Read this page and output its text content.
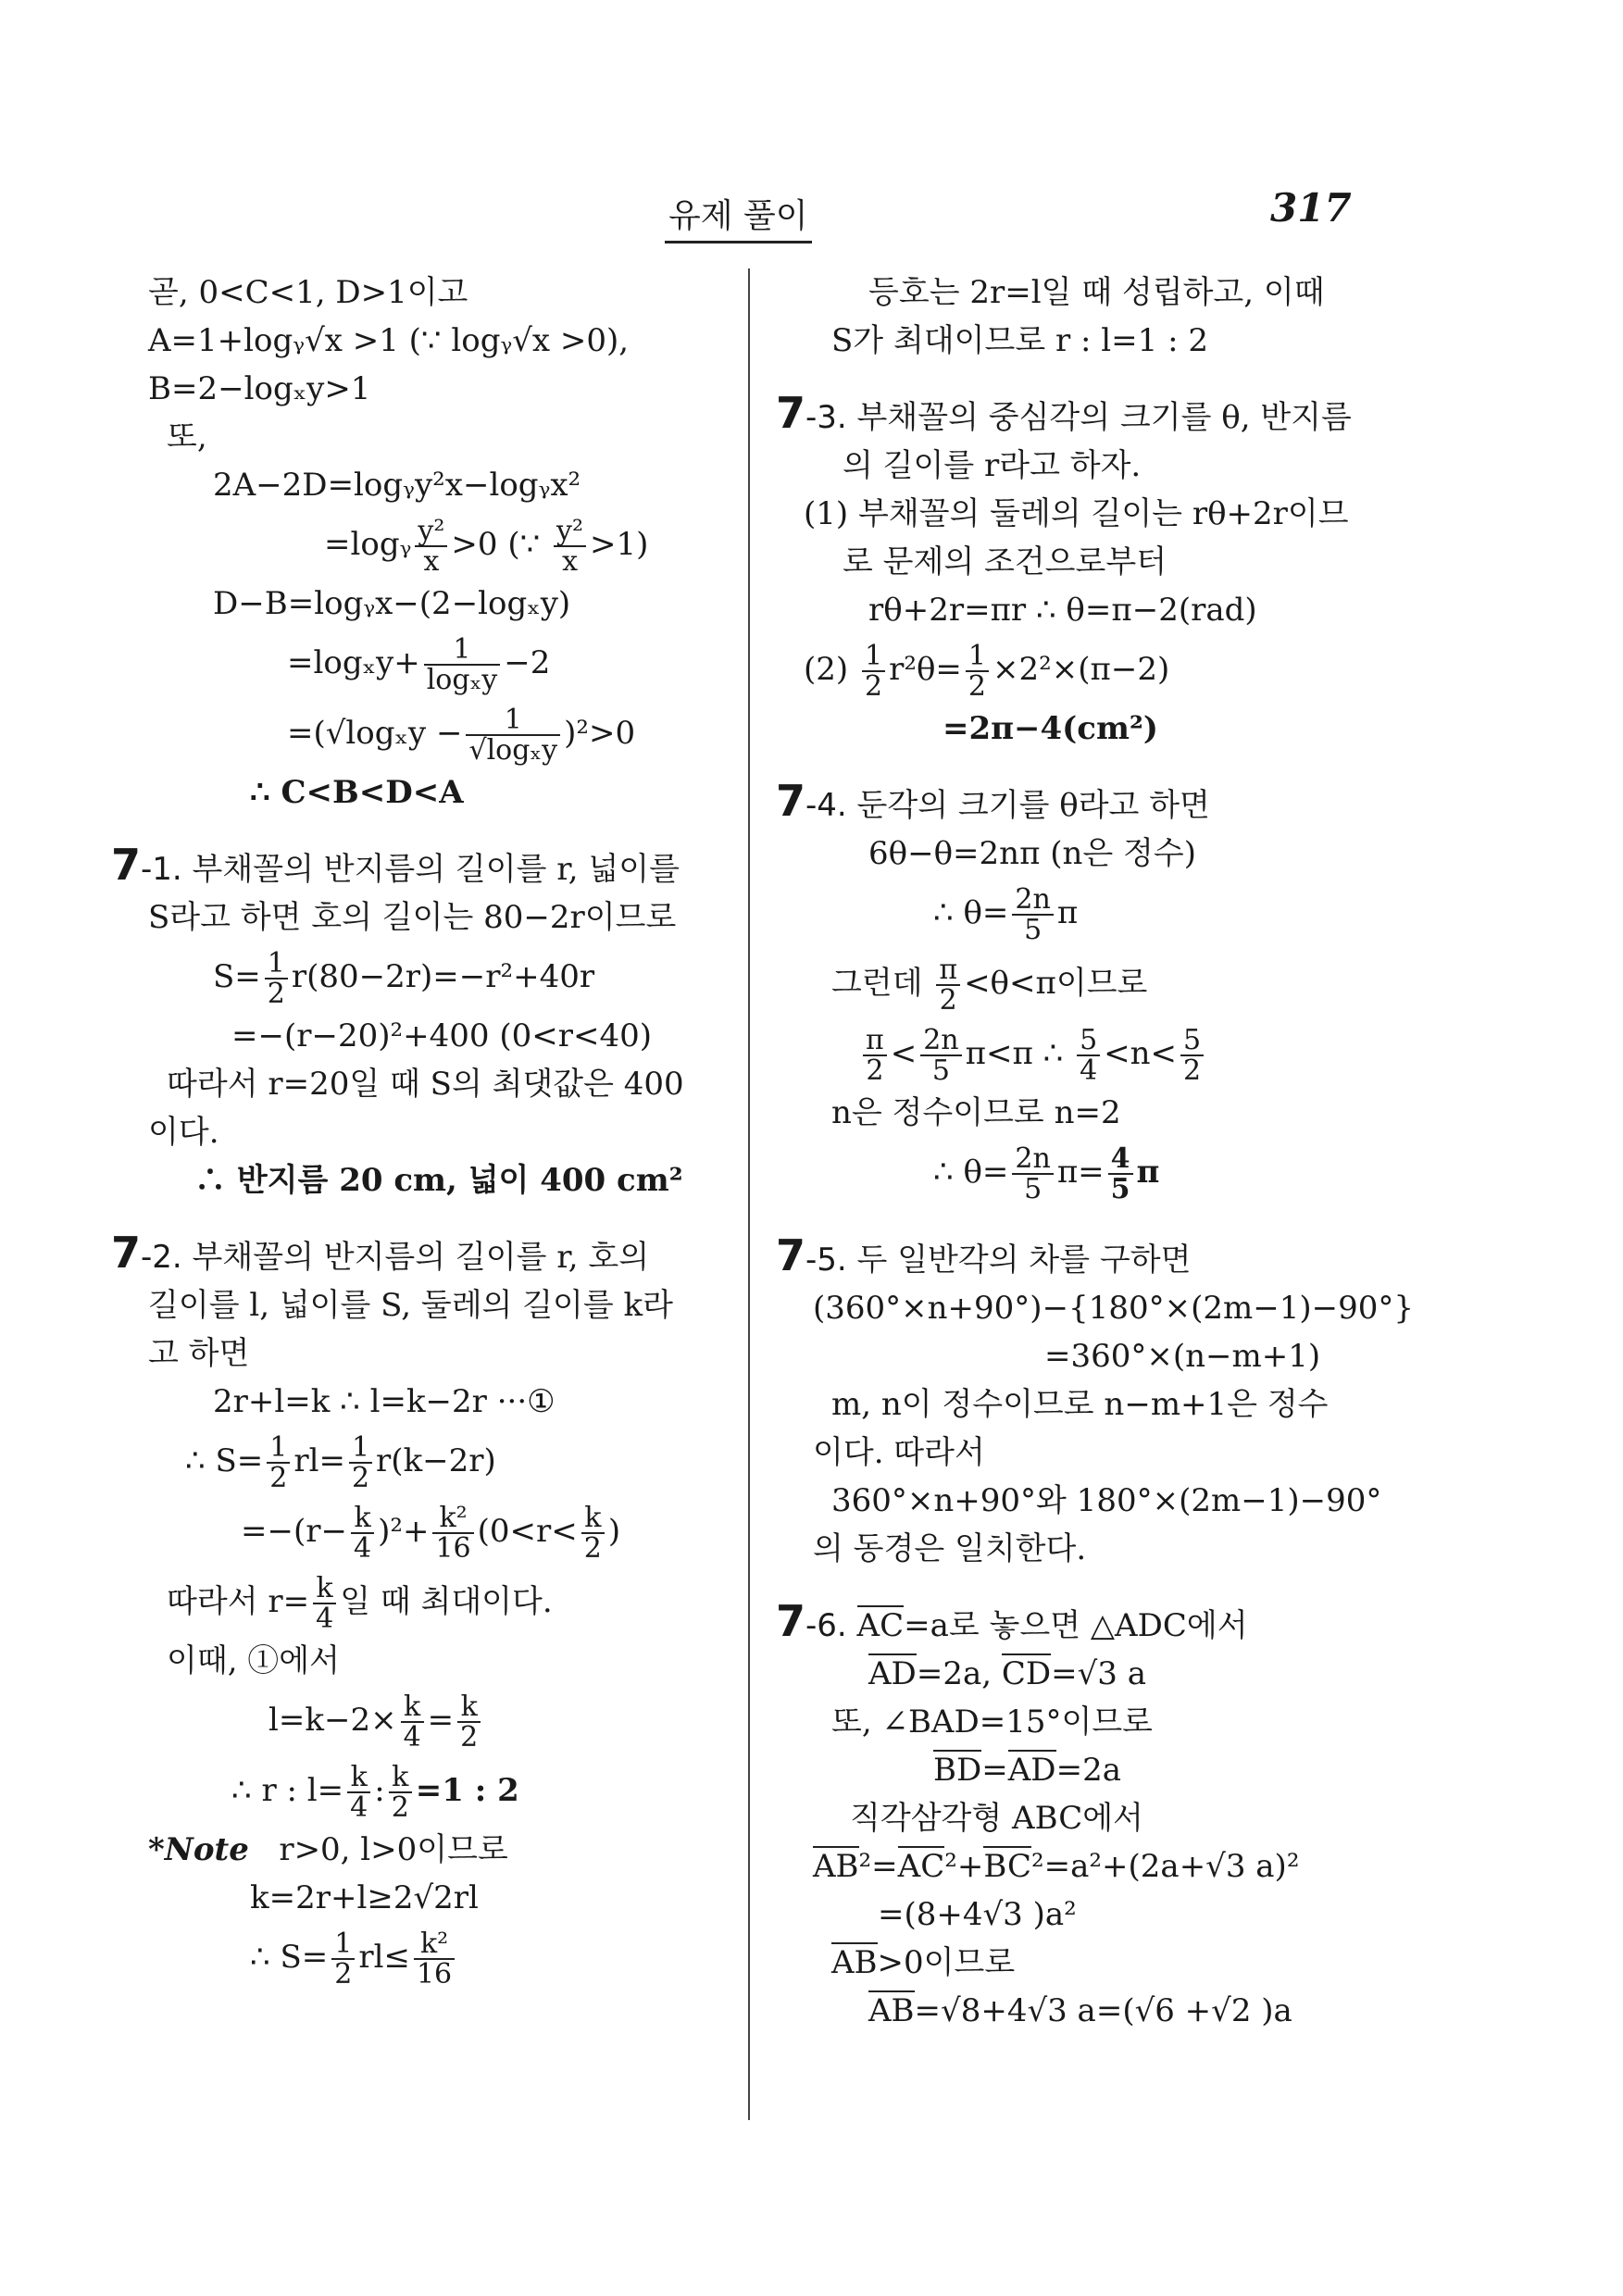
유제 풀이	317
곧, 0<C<1, D>1이고
A=1+logᵧ√x >1 (∵ logᵧ√x >0),
B=2−logₓy>1
또,
2A−2D=logᵧy²x−logᵧx²
=logᵧ $\frac{\text{y²}}{x} >0$ (∵ $\frac{\text{y²}}{x} >1$)
D−B=logᵧx−(2−logₓy)
$=\log_xy+ \frac{1}{\text{logₓy}} -2$
$=(√\log_xy - \frac{1}{\text{√logₓy}} )^2>0$
∴ C<B<D<A
7-1. 부채꼴의 반지름의 길이를 r, 넓이를
S라고 하면 호의 길이는 80−2r이므로
$S= \frac{1}{2} r(80-2r)=-r^2+40r$
=−(r−20)²+400 (0<r<40)
따라서 r=20일 때 S의 최댓값은 400
이다.
∴ 반지름 20 cm, 넓이 400 cm²
7-2. 부채꼴의 반지름의 길이를 r, 호의
길이를 l, 넓이를 S, 둘레의 길이를 k라
고 하면
2r+l=k ∴ l=k−2r ···①
∴ $S= \frac{1}{2} rl= \frac{1}{2} r(k-2r)$
$=-(r- \frac{k}{4} )^2+ \frac{\text{k²}}{16} (0<r< \frac{k}{2}$ )
따라서 $r= \frac{k}{4}$ 일 때 최대이다.
이때, ①에서
$l=k-2\times \frac{k}{4} = \frac{k}{2}$
∴ r : $l= \frac{k}{4}$ : $\frac{k}{2} =1$ : 2
*Note r>0, l>0이므로
k=2r+l≥2√2rl
∴ $S= \frac{1}{2} rl\le \frac{\text{k²}}{16}$
등호는 2r=l일 때 성립하고, 이때
S가 최대이므로 r : l=1 : 2
7-3. 부채꼴의 중심각의 크기를 θ, 반지름
의 길이를 r라고 하자.
(1) 부채꼴의 둘레의 길이는 rθ+2r이므
로 문제의 조건으로부터
rθ+2r=πr ∴ θ=π−2(rad)
$(2) \frac{1}{2} r^2\theta= \frac{1}{2} \times 2^2\times(\pi-2)$
=2π−4(cm²)
7-4. 둔각의 크기를 θ라고 하면
6θ−θ=2nπ (n은 정수)
∴ $\theta= \frac{2n}{5}$ π
그런데 $\frac{\pi}{2} <\theta<\pi$이므로
$\frac{\pi}{2} < \frac{2n}{5} \pi<\pi$ ∴ $\frac{5}{4} <n< \frac{5}{2}$
n은 정수이므로 n=2
∴ $\theta= \frac{2n}{5} \pi= \frac{4}{5}$ π
7-5. 두 일반각의 차를 구하면
(360°×n+90°)−{180°×(2m−1)−90°}
=360°×(n−m+1)
m, n이 정수이므로 n−m+1은 정수
이다. 따라서
360°×n+90°와 180°×(2m−1)−90°
의 동경은 일치한다.
7-6. AC=a로 놓으면 △ADC에서
AD=2a, CD=√3 a
또, ∠BAD=15°이므로
BD=AD=2a
직각삼각형 ABC에서
AB²=AC²+BC²=a²+(2a+√3 a)²
=(8+4√3 )a²
AB>0이므로
AB=√8+4√3 a=(√6 +√2 )a
